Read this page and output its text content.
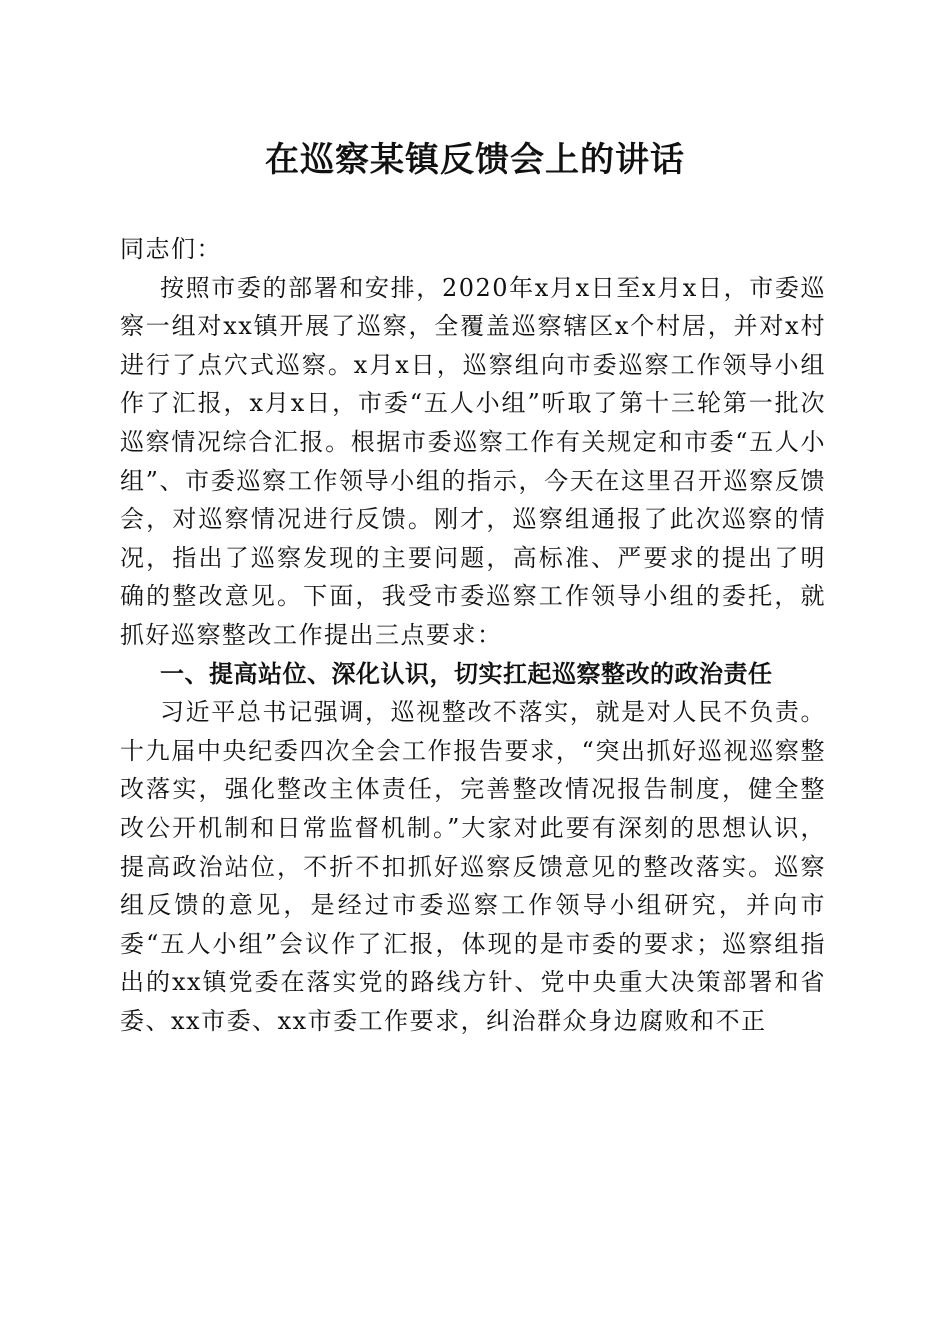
在巡察某镇反馈会上的讲话

同志们：

按照市委的部署和安排，2020年x月x日至x月x日，市委巡察一组对xx镇开展了巡察，全覆盖巡察辖区x个村居，并对x村进行了点穴式巡察。x月x日，巡察组向市委巡察工作领导小组作了汇报，x月x日，市委“五人小组”听取了第十三轮第一批次巡察情况综合汇报。根据市委巡察工作有关规定和市委“五人小组”、市委巡察工作领导小组的指示，今天在这里召开巡察反馈会，对巡察情况进行反馈。刚才，巡察组通报了此次巡察的情况，指出了巡察发现的主要问题，高标准、严要求的提出了明确的整改意见。下面，我受市委巡察工作领导小组的委托，就抓好巡察整改工作提出三点要求：

一、提高站位、深化认识，切实扛起巡察整改的政治责任

习近平总书记强调，巡视整改不落实，就是对人民不负责。十九届中央纪委四次全会工作报告要求，“突出抓好巡视巡察整改落实，强化整改主体责任，完善整改情况报告制度，健全整改公开机制和日常监督机制。”大家对此要有深刻的思想认识，提高政治站位，不折不扣抓好巡察反馈意见的整改落实。巡察组反馈的意见，是经过市委巡察工作领导小组研究，并向市委“五人小组”会议作了汇报，体现的是市委的要求；巡察组指出的xx镇党委在落实党的路线方针、党中央重大决策部署和省委、xx市委、xx市委工作要求，纠治群众身边腐败和不正
